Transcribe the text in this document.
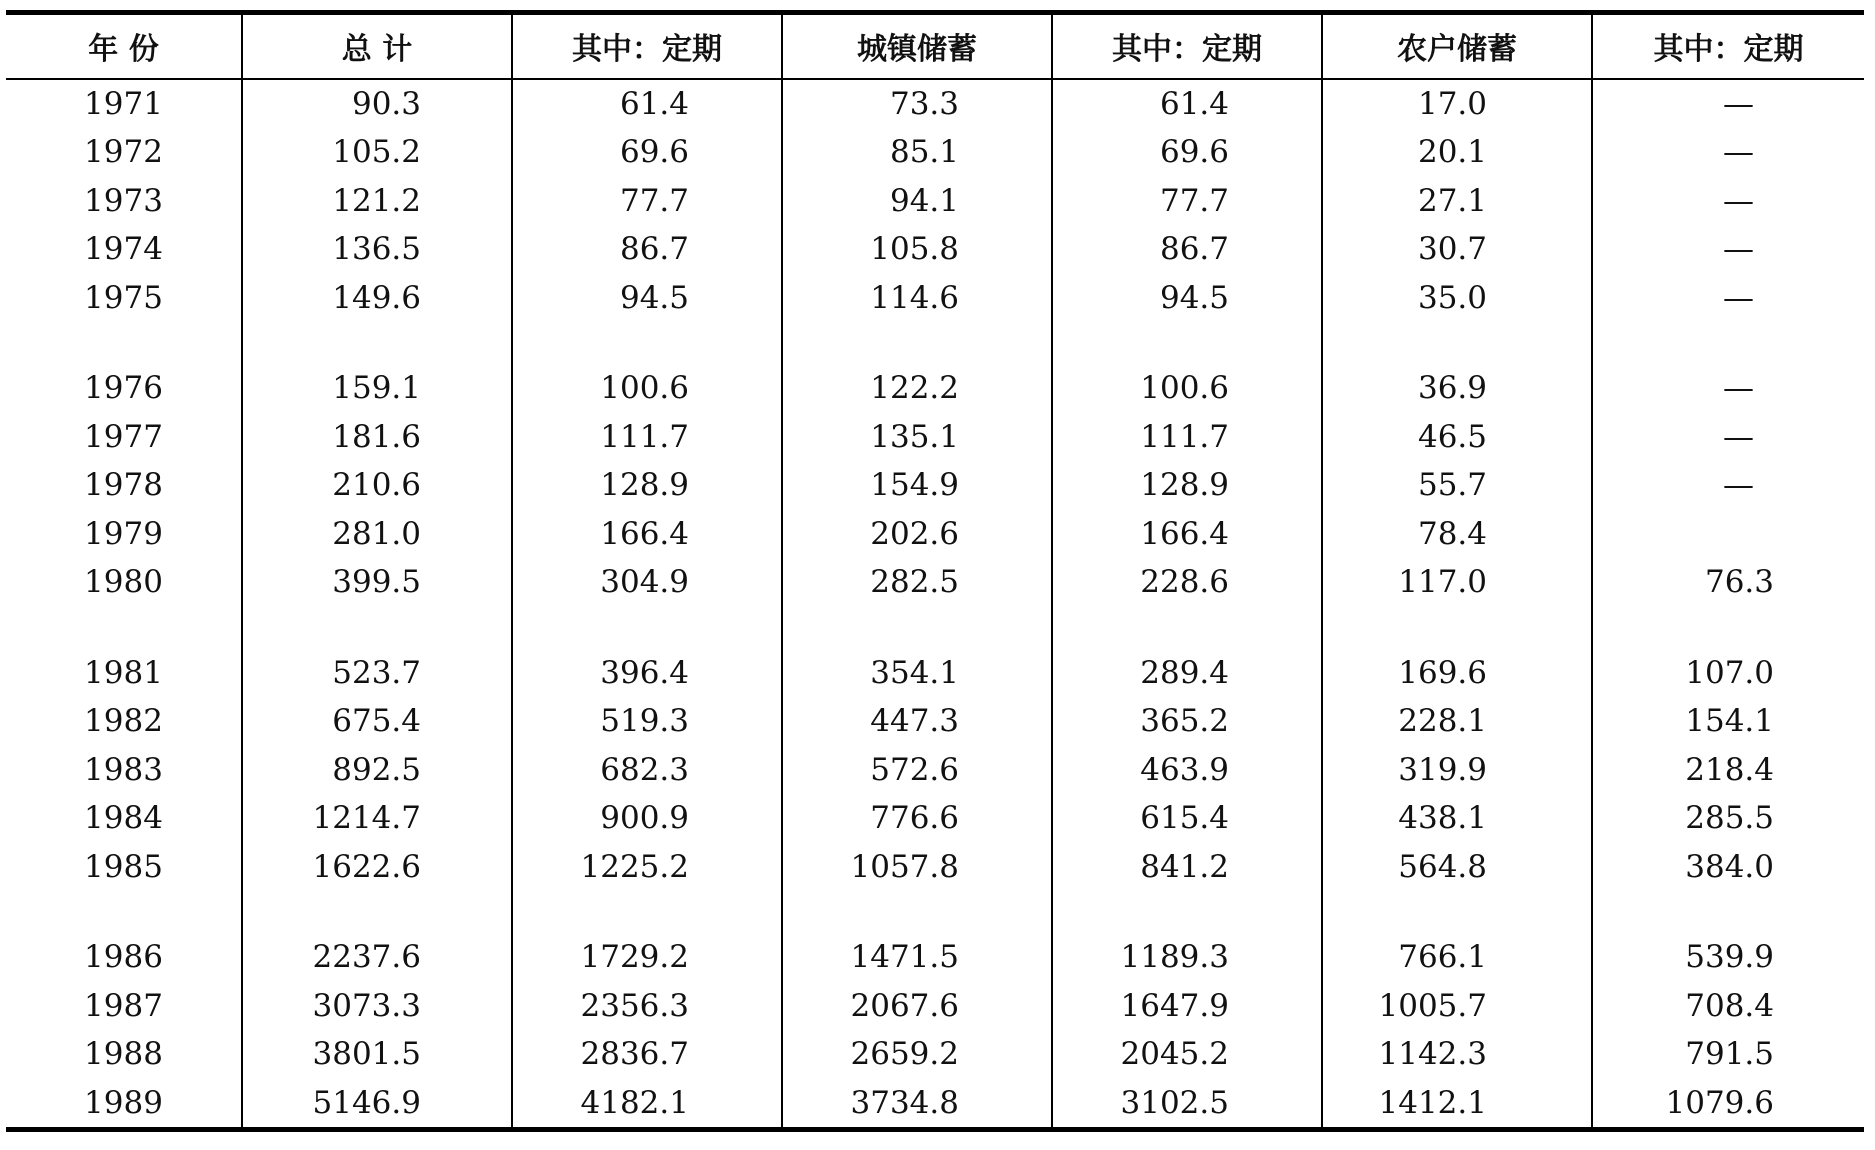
年 份	总 计	其中：定期	城镇储蓄	其中：定期	农户储蓄	其中：定期
1971	90.3	61.4	73.3	61.4	17.0	—
1972	105.2	69.6	85.1	69.6	20.1	—
1973	121.2	77.7	94.1	77.7	27.1	—
1974	136.5	86.7	105.8	86.7	30.7	—
1975	149.6	94.5	114.6	94.5	35.0	—

1976	159.1	100.6	122.2	100.6	36.9	—
1977	181.6	111.7	135.1	111.7	46.5	—
1978	210.6	128.9	154.9	128.9	55.7	—
1979	281.0	166.4	202.6	166.4	78.4	
1980	399.5	304.9	282.5	228.6	117.0	76.3

1981	523.7	396.4	354.1	289.4	169.6	107.0
1982	675.4	519.3	447.3	365.2	228.1	154.1
1983	892.5	682.3	572.6	463.9	319.9	218.4
1984	1214.7	900.9	776.6	615.4	438.1	285.5
1985	1622.6	1225.2	1057.8	841.2	564.8	384.0

1986	2237.6	1729.2	1471.5	1189.3	766.1	539.9
1987	3073.3	2356.3	2067.6	1647.9	1005.7	708.4
1988	3801.5	2836.7	2659.2	2045.2	1142.3	791.5
1989	5146.9	4182.1	3734.8	3102.5	1412.1	1079.6
